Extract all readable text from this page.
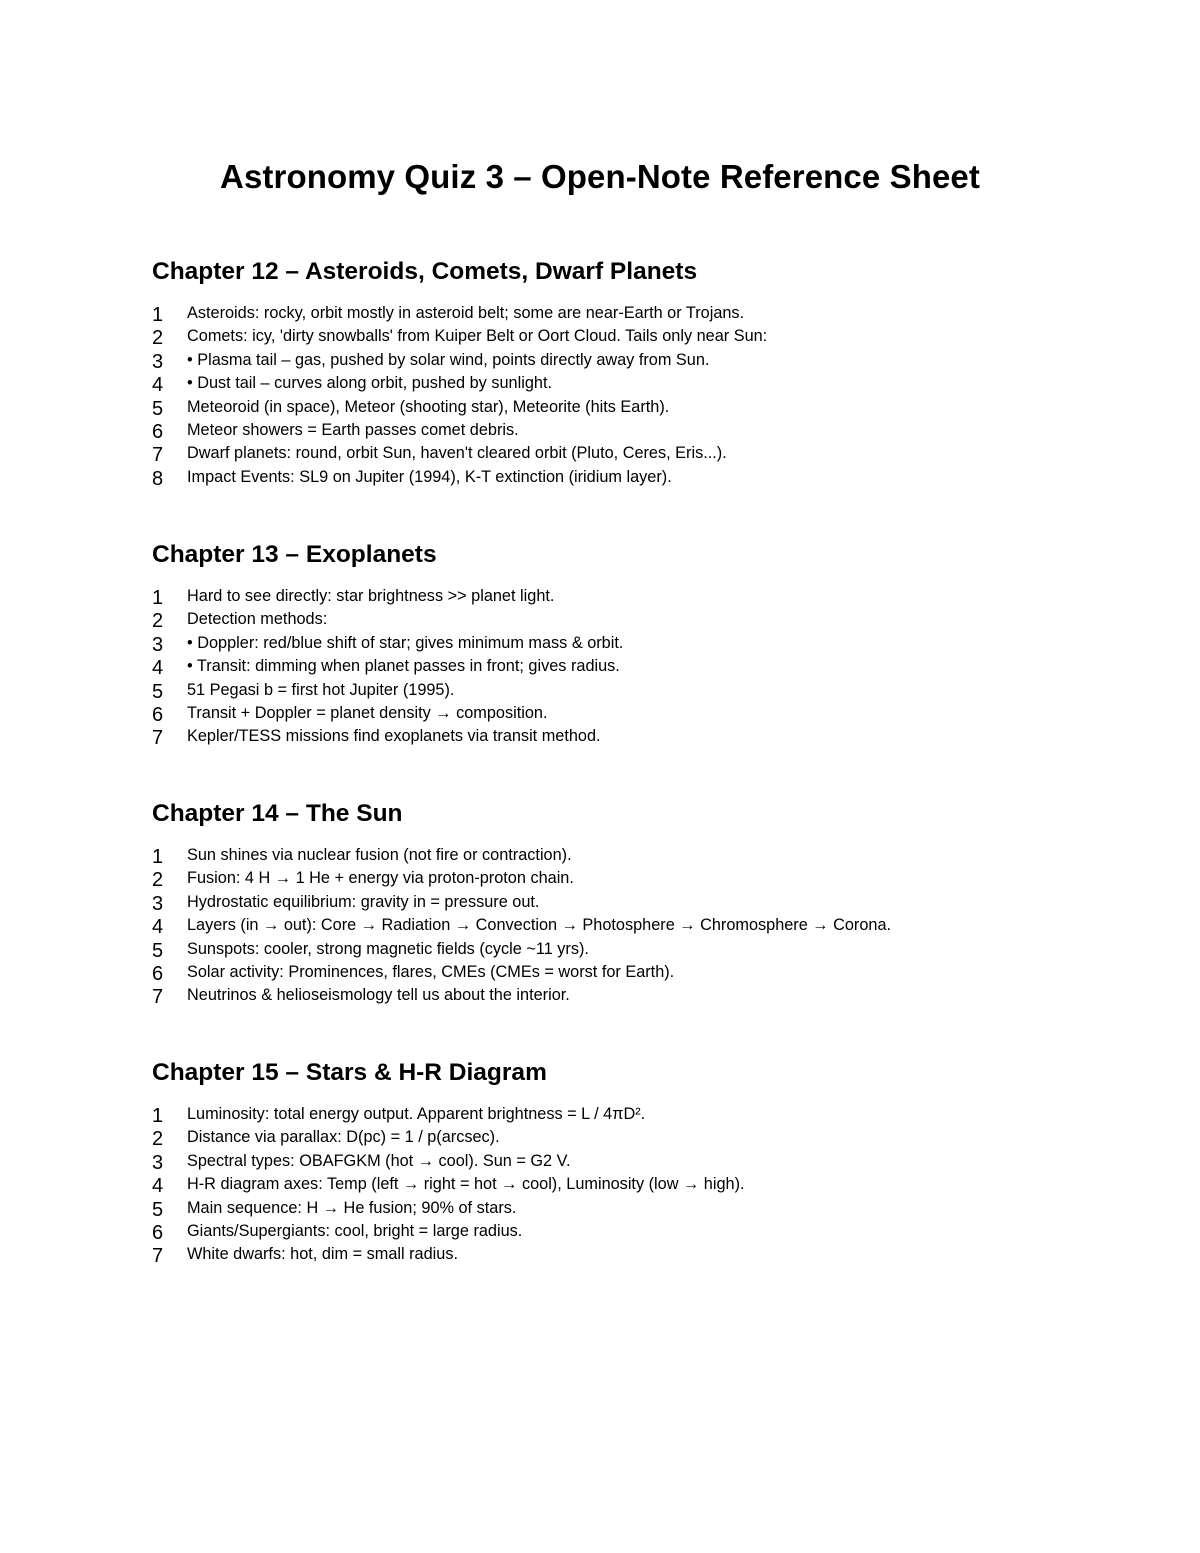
Astronomy Quiz 3 – Open-Note Reference Sheet
Chapter 12 – Asteroids, Comets, Dwarf Planets
1	Asteroids: rocky, orbit mostly in asteroid belt; some are near-Earth or Trojans.
2	Comets: icy, 'dirty snowballs' from Kuiper Belt or Oort Cloud. Tails only near Sun:
3	• Plasma tail – gas, pushed by solar wind, points directly away from Sun.
4	• Dust tail – curves along orbit, pushed by sunlight.
5	Meteoroid (in space), Meteor (shooting star), Meteorite (hits Earth).
6	Meteor showers = Earth passes comet debris.
7	Dwarf planets: round, orbit Sun, haven't cleared orbit (Pluto, Ceres, Eris...).
8	Impact Events: SL9 on Jupiter (1994), K-T extinction (iridium layer).
Chapter 13 – Exoplanets
1	Hard to see directly: star brightness >> planet light.
2	Detection methods:
3	• Doppler: red/blue shift of star; gives minimum mass & orbit.
4	• Transit: dimming when planet passes in front; gives radius.
5	51 Pegasi b = first hot Jupiter (1995).
6	Transit + Doppler = planet density → composition.
7	Kepler/TESS missions find exoplanets via transit method.
Chapter 14 – The Sun
1	Sun shines via nuclear fusion (not fire or contraction).
2	Fusion: 4 H → 1 He + energy via proton-proton chain.
3	Hydrostatic equilibrium: gravity in = pressure out.
4	Layers (in → out): Core → Radiation → Convection → Photosphere → Chromosphere → Corona.
5	Sunspots: cooler, strong magnetic fields (cycle ~11 yrs).
6	Solar activity: Prominences, flares, CMEs (CMEs = worst for Earth).
7	Neutrinos & helioseismology tell us about the interior.
Chapter 15 – Stars & H-R Diagram
1	Luminosity: total energy output. Apparent brightness = L / 4πD².
2	Distance via parallax: D(pc) = 1 / p(arcsec).
3	Spectral types: OBAFGKM (hot → cool). Sun = G2 V.
4	H-R diagram axes: Temp (left → right = hot → cool), Luminosity (low → high).
5	Main sequence: H → He fusion; 90% of stars.
6	Giants/Supergiants: cool, bright = large radius.
7	White dwarfs: hot, dim = small radius.
